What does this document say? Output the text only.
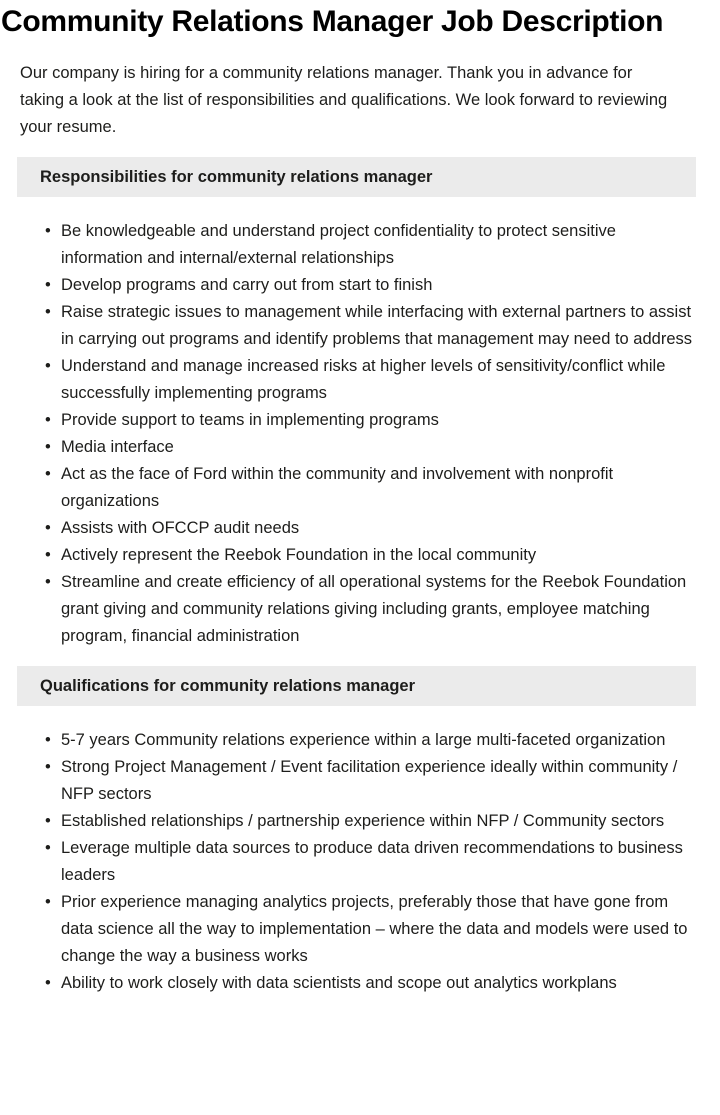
Community Relations Manager Job Description

Our company is hiring for a community relations manager. Thank you in advance for taking a look at the list of responsibilities and qualifications. We look forward to reviewing your resume.

Responsibilities for community relations manager
• Be knowledgeable and understand project confidentiality to protect sensitive information and internal/external relationships
• Develop programs and carry out from start to finish
• Raise strategic issues to management while interfacing with external partners to assist in carrying out programs and identify problems that management may need to address
• Understand and manage increased risks at higher levels of sensitivity/conflict while successfully implementing programs
• Provide support to teams in implementing programs
• Media interface
• Act as the face of Ford within the community and involvement with nonprofit organizations
• Assists with OFCCP audit needs
• Actively represent the Reebok Foundation in the local community
• Streamline and create efficiency of all operational systems for the Reebok Foundation grant giving and community relations giving including grants, employee matching program, financial administration
Qualifications for community relations manager
• 5-7 years Community relations experience within a large multi-faceted organization
• Strong Project Management / Event facilitation experience ideally within community / NFP sectors
• Established relationships / partnership experience within NFP / Community sectors
• Leverage multiple data sources to produce data driven recommendations to business leaders
• Prior experience managing analytics projects, preferably those that have gone from data science all the way to implementation – where the data and models were used to change the way a business works
• Ability to work closely with data scientists and scope out analytics workplans
